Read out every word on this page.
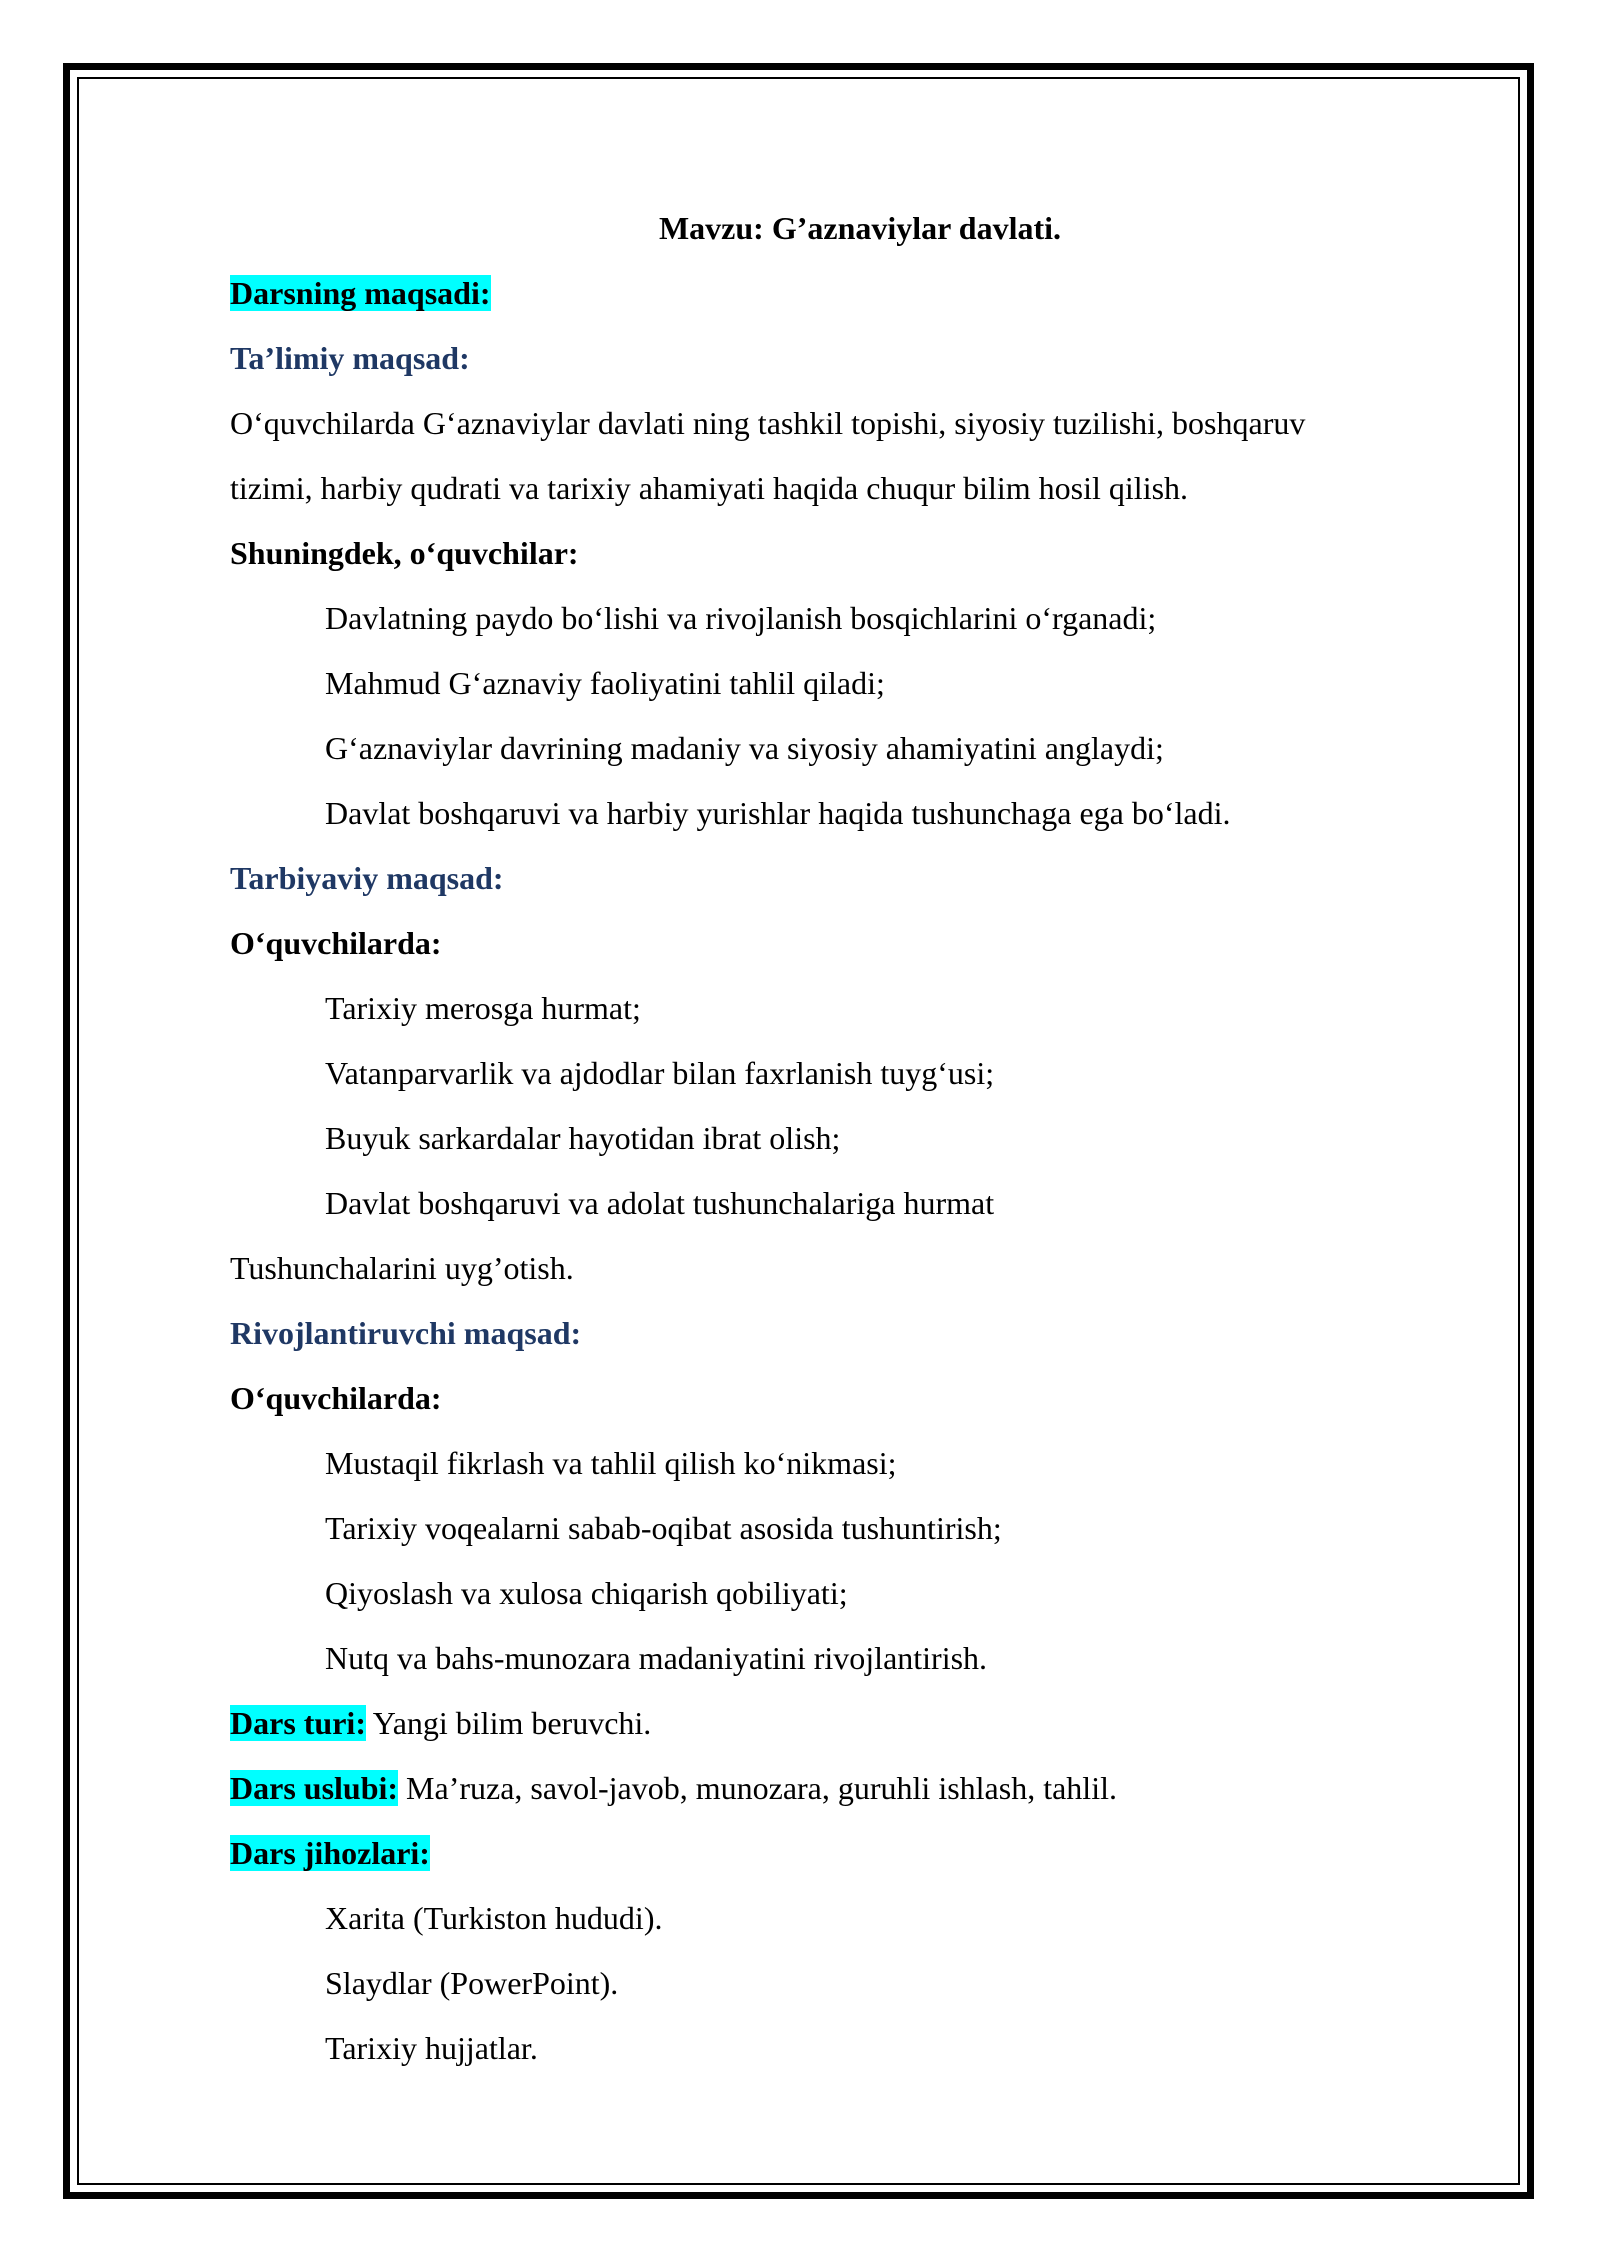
Mavzu: G’aznaviylar davlati.
Darsning maqsadi:
Ta’limiy maqsad:
O‘quvchilarda G‘aznaviylar davlati ning tashkil topishi, siyosiy tuzilishi, boshqaruv
tizimi, harbiy qudrati va tarixiy ahamiyati haqida chuqur bilim hosil qilish.
Shuningdek, o‘quvchilar:
Davlatning paydo bo‘lishi va rivojlanish bosqichlarini o‘rganadi;
Mahmud G‘aznaviy faoliyatini tahlil qiladi;
G‘aznaviylar davrining madaniy va siyosiy ahamiyatini anglaydi;
Davlat boshqaruvi va harbiy yurishlar haqida tushunchaga ega bo‘ladi.
Tarbiyaviy maqsad:
O‘quvchilarda:
Tarixiy merosga hurmat;
Vatanparvarlik va ajdodlar bilan faxrlanish tuyg‘usi;
Buyuk sarkardalar hayotidan ibrat olish;
Davlat boshqaruvi va adolat tushunchalariga hurmat
Tushunchalarini uyg’otish.
Rivojlantiruvchi maqsad:
O‘quvchilarda:
Mustaqil fikrlash va tahlil qilish ko‘nikmasi;
Tarixiy voqealarni sabab-oqibat asosida tushuntirish;
Qiyoslash va xulosa chiqarish qobiliyati;
Nutq va bahs-munozara madaniyatini rivojlantirish.
Dars turi: Yangi bilim beruvchi.
Dars uslubi: Ma’ruza, savol-javob, munozara, guruhli ishlash, tahlil.
Dars jihozlari:
Xarita (Turkiston hududi).
Slaydlar (PowerPoint).
Tarixiy hujjatlar.
